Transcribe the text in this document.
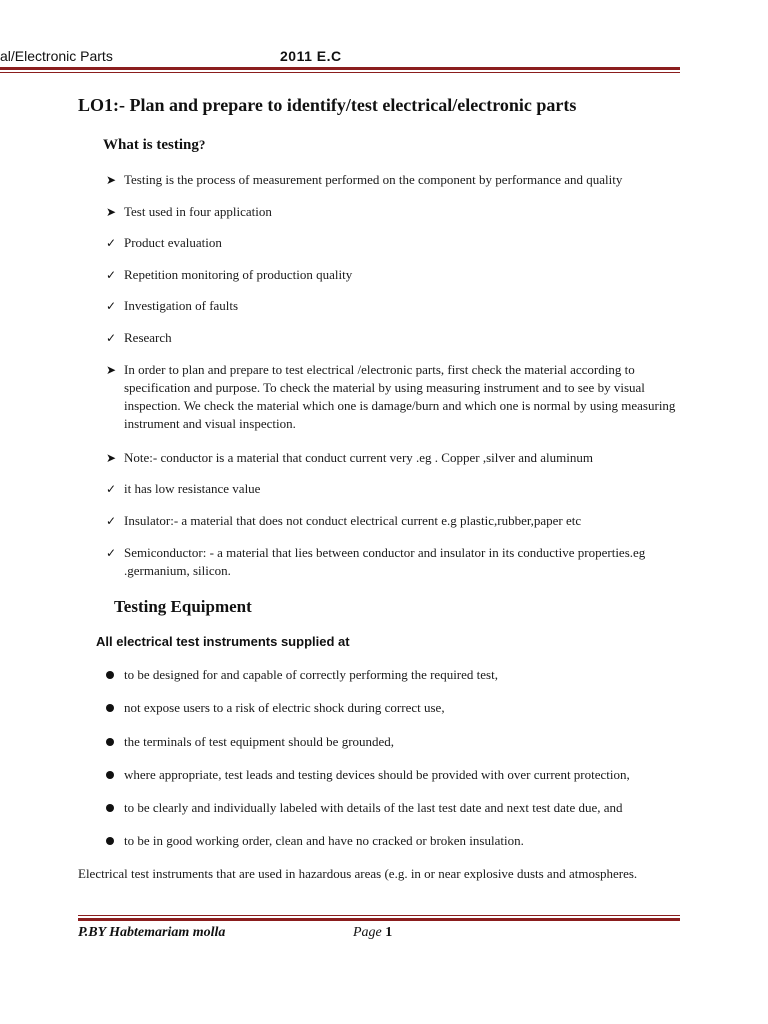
al/Electronic Parts	2011 E.C
LO1:- Plan and prepare to identify/test electrical/electronic parts
What is testing?
➤ Testing is the process of measurement performed on the component by performance and quality
➤ Test used in four application
✓ Product evaluation
✓ Repetition monitoring of production quality
✓ Investigation of faults
✓ Research
➤ In order to plan and prepare to test electrical /electronic parts, first check the material according to specification and purpose. To check the material by using measuring instrument and to see by visual inspection. We check the material which one is damage/burn and which one is normal by using measuring instrument and visual inspection.
➤ Note:- conductor is a material that conduct current very .eg . Copper ,silver and aluminum
✓ it has low resistance value
✓ Insulator:- a material that does not conduct electrical current e.g plastic,rubber,paper etc
✓ Semiconductor: - a material that lies between conductor and insulator in its conductive properties.eg .germanium, silicon.
Testing Equipment
All electrical test instruments supplied at
to be designed for and capable of correctly performing the required test,
not expose users to a risk of electric shock during correct use,
the terminals of test equipment should be grounded,
where appropriate, test leads and testing devices should be provided with over current protection,
to be clearly and individually labeled with details of the last test date and next test date due, and
to be in good working order, clean and have no cracked or broken insulation.
Electrical test instruments that are used in hazardous areas (e.g. in or near explosive dusts and atmospheres.
P.BY Habtemariam molla	Page 1
